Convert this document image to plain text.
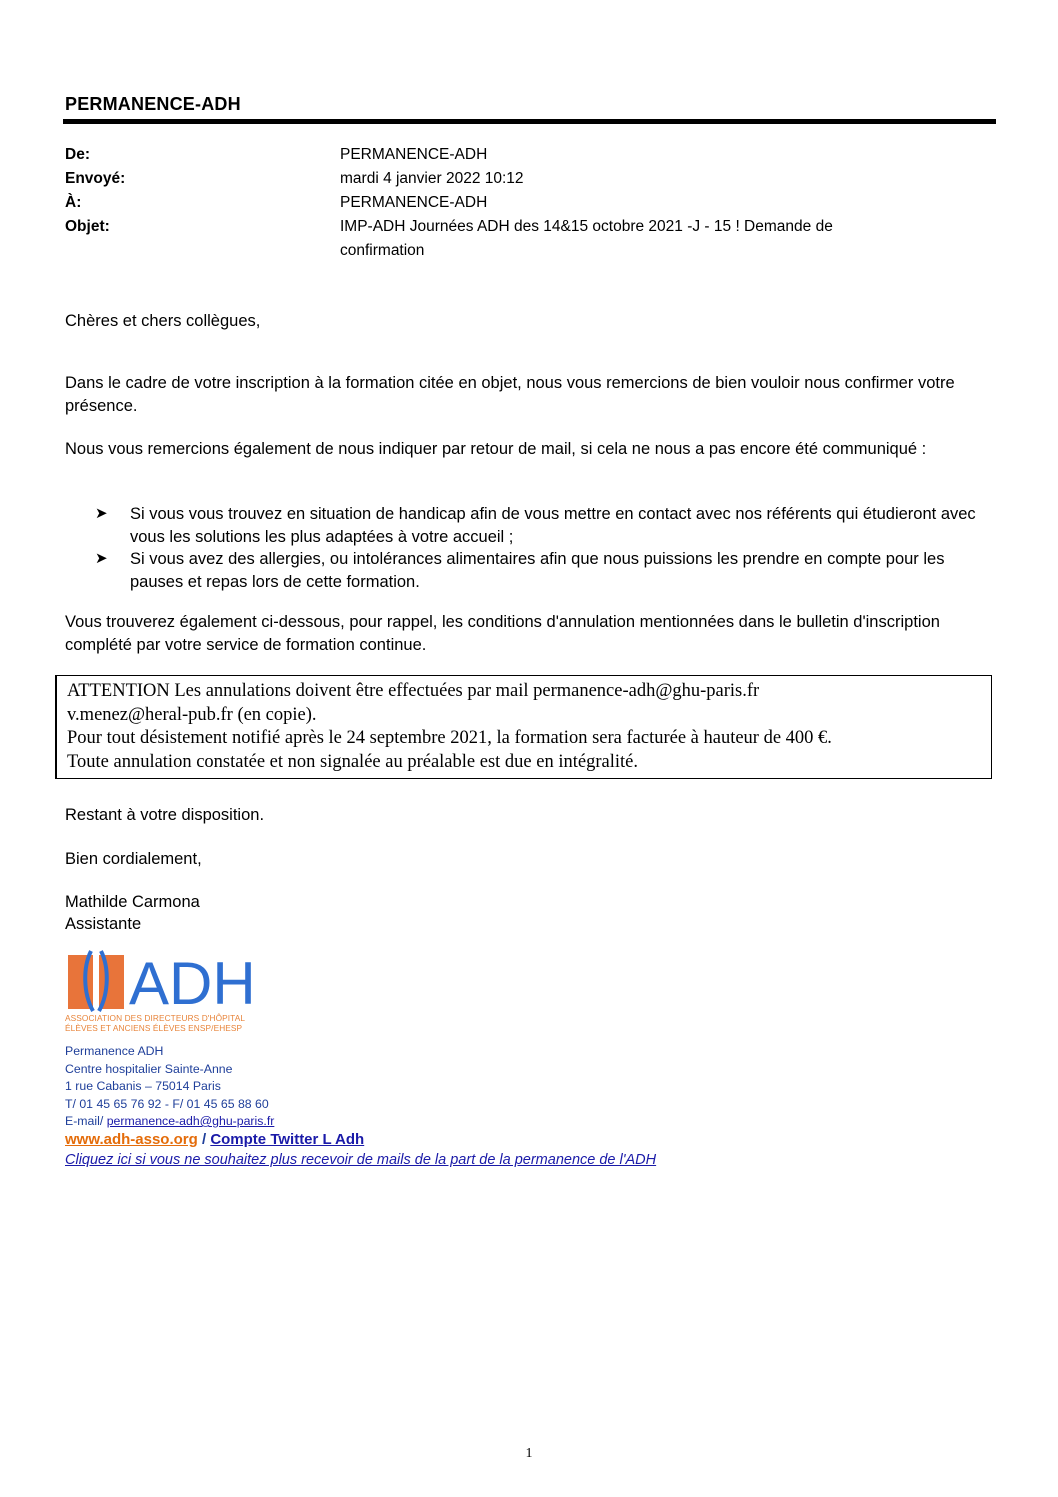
PERMANENCE-ADH
De:	PERMANENCE-ADH
Envoyé:	mardi 4 janvier 2022 10:12
À:	PERMANENCE-ADH
Objet:	IMP-ADH Journées ADH des 14&15 octobre 2021 -J - 15 ! Demande de confirmation
Chères et chers collègues,
Dans le cadre de votre inscription à la formation citée en objet, nous vous remercions de bien vouloir nous confirmer votre présence.
Nous vous remercions également de nous indiquer par retour de mail, si cela ne nous a pas encore été communiqué :
➤	Si vous vous trouvez en situation de handicap afin de vous mettre en contact avec nos référents qui étudieront avec vous les solutions les plus adaptées à votre accueil ;
➤	Si vous avez des allergies, ou intolérances alimentaires afin que nous puissions les prendre en compte pour les pauses et repas lors de cette formation.
Vous trouverez également ci-dessous, pour rappel, les conditions d'annulation mentionnées dans le bulletin d'inscription complété par votre service de formation continue.
ATTENTION Les annulations doivent être effectuées par mail permanence-adh@ghu-paris.fr
v.menez@heral-pub.fr (en copie).
Pour tout désistement notifié après le 24 septembre 2021, la formation sera facturée à hauteur de 400 €.
Toute annulation constatée et non signalée au préalable est due en intégralité.
Restant à votre disposition.
Bien cordialement,
Mathilde Carmona
Assistante
ADH
ASSOCIATION DES DIRECTEURS D'HÔPITAL
ÉLÈVES ET ANCIENS ÉLÈVES ENSP/EHESP
Permanence ADH
Centre hospitalier Sainte-Anne
1 rue Cabanis – 75014 Paris
T/ 01 45 65 76 92 - F/ 01 45 65 88 60
E-mail/ permanence-adh@ghu-paris.fr
www.adh-asso.org / Compte Twitter L Adh
Cliquez ici si vous ne souhaitez plus recevoir de mails de la part de la permanence de l'ADH
1
